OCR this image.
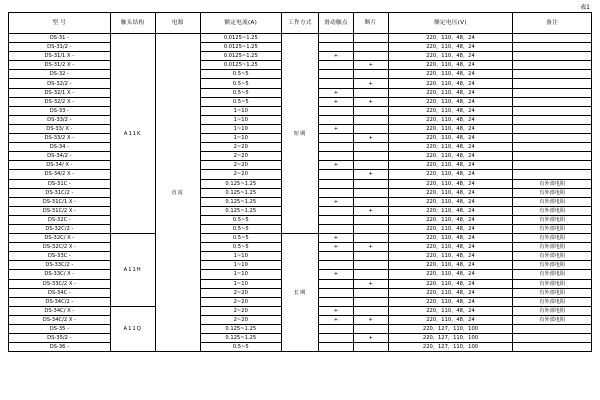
表1
型 号	触头结构	电源	额定电流(A)	工作方式	滑动触点	断片	额定电压(V)	备注
DS-31 -	A11K	直流	0.0125~1.25	短期			220，110，48，24	
DS-31/2 -			0.0125~1.25				220，110，48，24	
DS-31/1 X -			0.0125~1.25		+		220，110，48，24	
DS-31/2 X -			0.0125~1.25			+	220，110，48，24	
DS-32 -			0.5~5				220，110，48，24	
DS-32/2 -			0.5~5			+	220，110，48，24	
DS-32/1 X -			0.5~5		+		220，110，48，24	
DS-32/2 X -			0.5~5		+	+	220，110，48，24	
DS-33 -			1~10				220，110，48，24	
DS-33/2 -			1~10				220，110，48，24	
DS-33/ X -			1~10		+		220，110，48，24	
DS-33/2 X -			1~10			+	220，110，48，24	
DS-34 -			2~20				220，110，48，24	
DS-34/2 -			2~20				220，110，48，24	
DS-34/ X -			2~20		+		220，110，48，24	
DS-34/2 X -			2~20			+	220，110，48，24	
DS-31C -			0.125~1.25				220，110，48，24	有外部电阻
DS-31C/2 -			0.125~1.25				220，110，48，24	有外部电阻
DS-31C/1 X -			0.125~1.25		+		220，110，48，24	有外部电阻
DS-31C/2 X -			0.125~1.25			+	220，110，48，24	有外部电阻
DS-32C -			0.5~5				220，110，48，24	有外部电阻
DS-32C/2 -			0.5~5				220，110，48，24	有外部电阻
DS-32C/ X -	A11H		0.5~5	长期	+		220，110，48，24	有外部电阻
DS-32C/2 X -			0.5~5		+	+	220，110，48，24	有外部电阻
DS-33C -			1~10				220，110，48，24	有外部电阻
DS-33C/2 -			1~10				220，110，48，24	有外部电阻
DS-33C/ X -			1~10		+		220，110，48，24	有外部电阻
DS-33C/2 X -			1~10			+	220，110，48，24	有外部电阻
DS-34C -			2~20				220，110，48，24	有外部电阻
DS-34C/2 -			2~20				220，110，48，24	有外部电阻
DS-34C/ X -	A11Q		2~20		+		220，110，48，24	有外部电阻
DS-34C/2 X -			2~20		+	+	220，110，48，24	有外部电阻
DS-35 -			0.125~1.25				220，127，110，100	
DS-35/2 -			0.125~1.25			+	220，127，110，100	
DS-36 -			0.5~5				220，127，110，100	
